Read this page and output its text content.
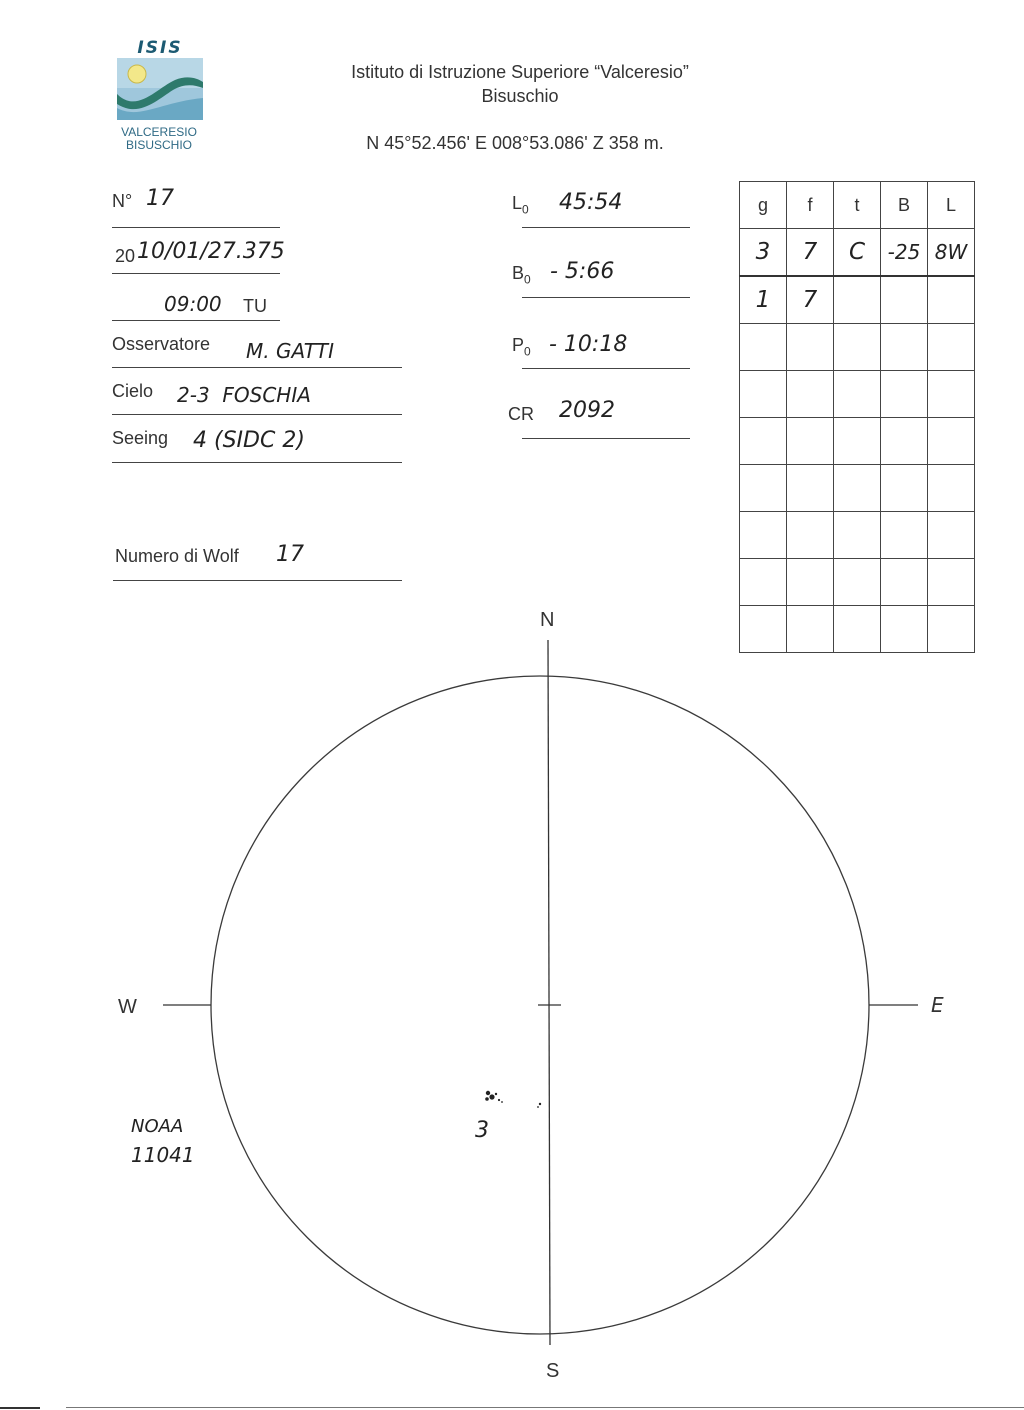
ISIS
VALCERESIO
BISUSCHIO
Istituto di Istruzione Superiore “Valceresio”
Bisuschio
N 45°52.456' E 008°53.086' Z 358 m.
N° 17
20 10/01/27.375
09:00 TU
Osservatore M. GATTI
Cielo 2-3  FOSCHIA
Seeing 4 (SIDC 2)
Numero di Wolf 17
$L_0$ 45:54
$B_0$ - 5:66
$P_0$ - 10:18
CR 2092
g	f	t	B	L
3	7	C	-25	8W
1	7			

N
S
W	E
3
NOAA
11041
